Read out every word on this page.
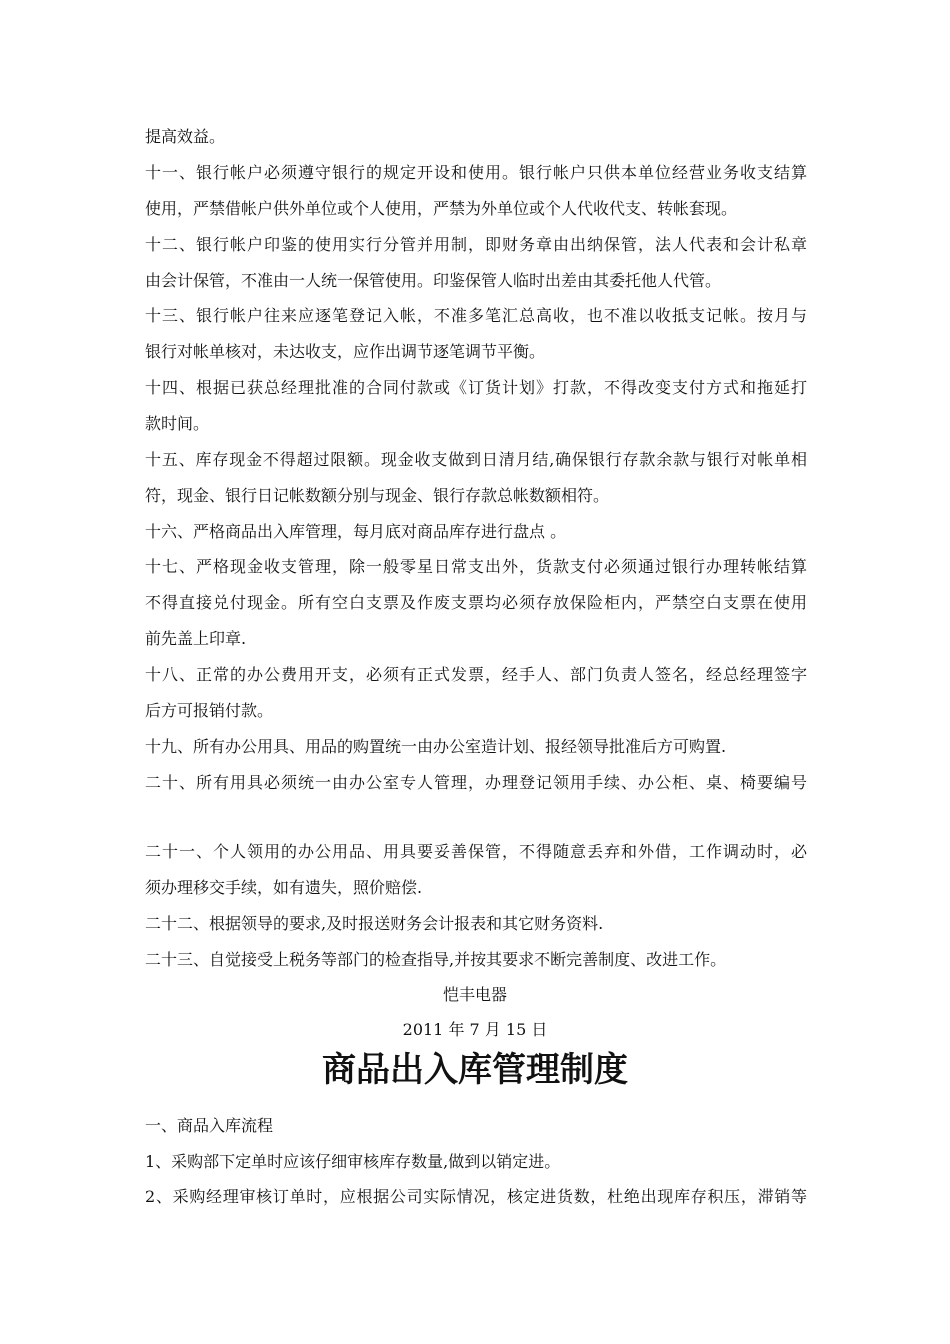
提高效益。
十一、银行帐户必须遵守银行的规定开设和使用。银行帐户只供本单位经营业务收支结算
使用，严禁借帐户供外单位或个人使用，严禁为外单位或个人代收代支、转帐套现。
十二、银行帐户印鉴的使用实行分管并用制，即财务章由出纳保管，法人代表和会计私章
由会计保管，不准由一人统一保管使用。印鉴保管人临时出差由其委托他人代管。
十三、银行帐户往来应逐笔登记入帐，不准多笔汇总高收，也不准以收抵支记帐。按月与
银行对帐单核对，未达收支，应作出调节逐笔调节平衡。
十四、根据已获总经理批准的合同付款或《订货计划》打款，不得改变支付方式和拖延打
款时间。
十五、库存现金不得超过限额。现金收支做到日清月结,确保银行存款余款与银行对帐单相
符，现金、银行日记帐数额分别与现金、银行存款总帐数额相符。
十六、严格商品出入库管理，每月底对商品库存进行盘点 。
十七、严格现金收支管理，除一般零星日常支出外，货款支付必须通过银行办理转帐结算
不得直接兑付现金。所有空白支票及作废支票均必须存放保险柜内，严禁空白支票在使用
前先盖上印章.
十八、正常的办公费用开支，必须有正式发票，经手人、部门负责人签名，经总经理签字
后方可报销付款。
十九、所有办公用具、用品的购置统一由办公室造计划、报经领导批准后方可购置.
二十、所有用具必须统一由办公室专人管理，办理登记领用手续、办公柜、桌、椅要编号
二十一、个人领用的办公用品、用具要妥善保管，不得随意丢弃和外借，工作调动时，必
须办理移交手续，如有遗失，照价赔偿.
二十二、根据领导的要求,及时报送财务会计报表和其它财务资料.
二十三、自觉接受上税务等部门的检查指导,并按其要求不断完善制度、改进工作。
恺丰电器
2011 年 7 月 15 日
商品出入库管理制度
一、商品入库流程
1、采购部下定单时应该仔细审核库存数量,做到以销定进。
2、采购经理审核订单时，应根据公司实际情况，核定进货数，杜绝出现库存积压，滞销等
